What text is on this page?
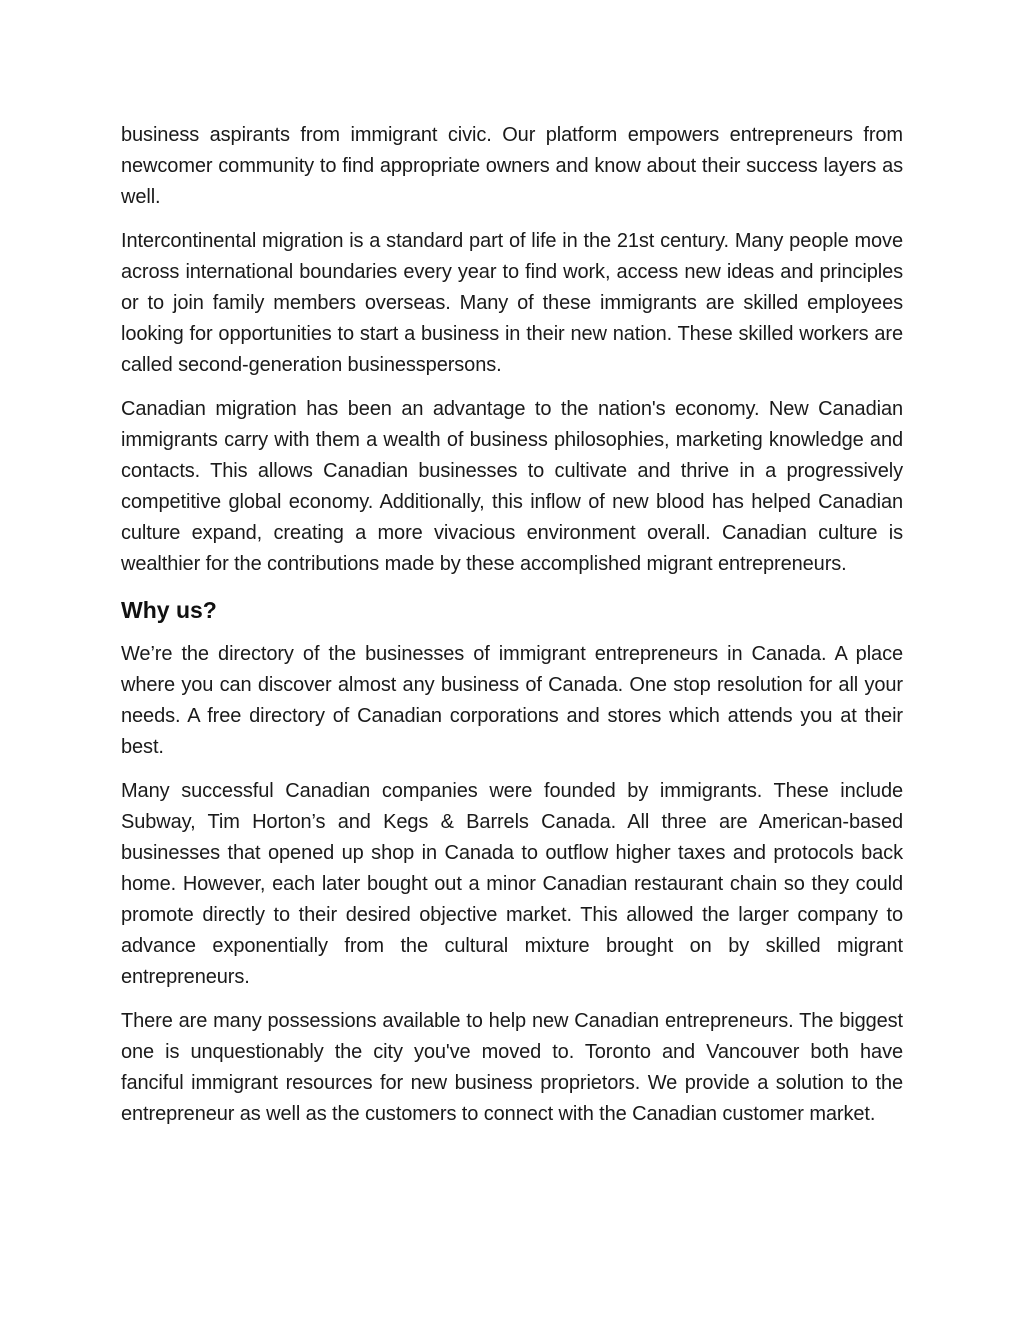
business aspirants from immigrant civic. Our platform empowers entrepreneurs from newcomer community to find appropriate owners and know about their success layers as well.

Intercontinental migration is a standard part of life in the 21st century. Many people move across international boundaries every year to find work, access new ideas and principles or to join family members overseas. Many of these immigrants are skilled employees looking for opportunities to start a business in their new nation. These skilled workers are called second-generation businesspersons.

Canadian migration has been an advantage to the nation's economy. New Canadian immigrants carry with them a wealth of business philosophies, marketing knowledge and contacts. This allows Canadian businesses to cultivate and thrive in a progressively competitive global economy. Additionally, this inflow of new blood has helped Canadian culture expand, creating a more vivacious environment overall. Canadian culture is wealthier for the contributions made by these accomplished migrant entrepreneurs.

Why us?

We’re the directory of the businesses of immigrant entrepreneurs in Canada. A place where you can discover almost any business of Canada. One stop resolution for all your needs. A free directory of Canadian corporations and stores which attends you at their best.

Many successful Canadian companies were founded by immigrants. These include Subway, Tim Horton’s and Kegs & Barrels Canada. All three are American-based businesses that opened up shop in Canada to outflow higher taxes and protocols back home. However, each later bought out a minor Canadian restaurant chain so they could promote directly to their desired objective market. This allowed the larger company to advance exponentially from the cultural mixture brought on by skilled migrant entrepreneurs.

There are many possessions available to help new Canadian entrepreneurs. The biggest one is unquestionably the city you've moved to. Toronto and Vancouver both have fanciful immigrant resources for new business proprietors. We provide a solution to the entrepreneur as well as the customers to connect with the Canadian customer market.
